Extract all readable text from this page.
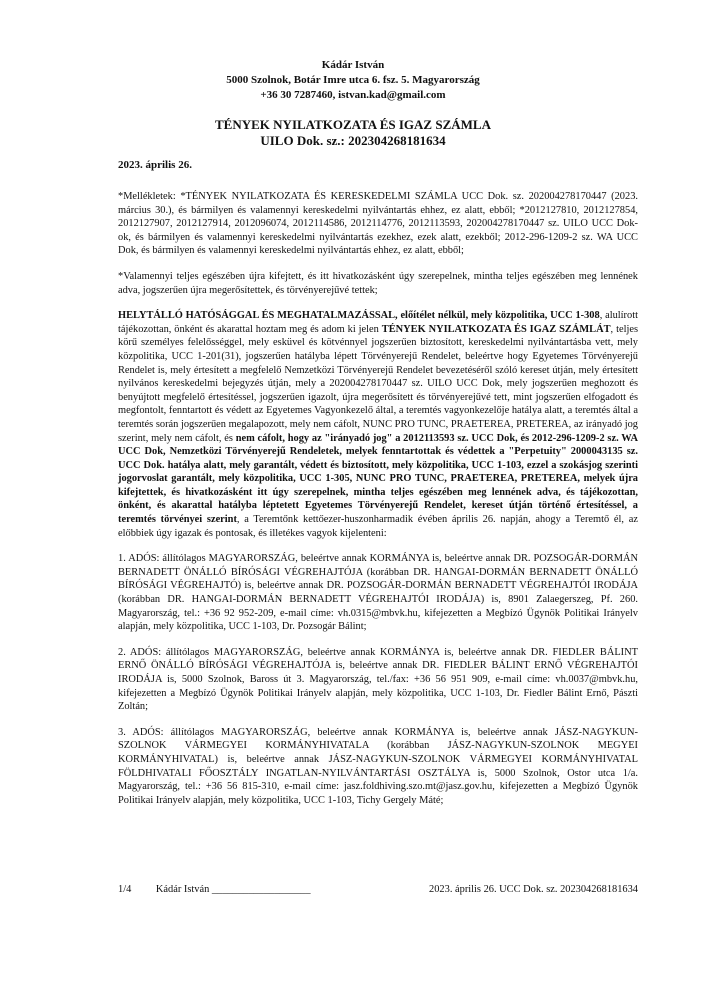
Kádár István
5000 Szolnok, Botár Imre utca 6. fsz. 5. Magyarország
+36 30 7287460, istvan.kad@gmail.com
TÉNYEK NYILATKOZATA ÉS IGAZ SZÁMLA
UILO Dok. sz.: 202304268181634
2023. április 26.

*Mellékletek: *TÉNYEK NYILATKOZATA ÉS KERESKEDELMI SZÁMLA UCC Dok. sz. 202004278170447 (2023. március 30.), és bármilyen és valamennyi kereskedelmi nyilvántartás ehhez, ez alatt, ebből; *2012127810, 2012127854, 2012127907, 2012127914, 2012096074, 2012114586, 2012114776, 2012113593, 202004278170447 sz. UILO UCC Dok-ok, és bármilyen és valamennyi kereskedelmi nyilvántartás ezekhez, ezek alatt, ezekből; 2012-296-1209-2 sz. WA UCC Dok, és bármilyen és valamennyi kereskedelmi nyilvántartás ehhez, ez alatt, ebből;

*Valamennyi teljes egészében újra kifejtett, és itt hivatkozásként úgy szerepelnek, mintha teljes egészében meg lennének adva, jogszerűen újra megerősítettek, és törvényerejűvé tettek;

HELYTÁLLÓ HATÓSÁGGAL ÉS MEGHATALMAZÁSSAL, előítélet nélkül, mely közpolitika, UCC 1-308, alulírott tájékozottan, önként és akarattal hoztam meg és adom ki jelen TÉNYEK NYILATKOZATA ÉS IGAZ SZÁMLÁT, teljes körű személyes felelősséggel, mely esküvel és kötvénnyel jogszerűen biztosított, kereskedelmi nyilvántartásba vett, mely közpolitika, UCC 1-201(31), jogszerűen hatályba lépett Törvényerejű Rendelet, beleértve hogy Egyetemes Törvényerejű Rendelet is, mely értesített a megfelelő Nemzetközi Törvényerejű Rendelet bevezetéséről szóló kereset útján, mely értesített nyilvános kereskedelmi bejegyzés útján, mely a 202004278170447 sz. UILO UCC Dok, mely jogszerűen meghozott és benyújtott megfelelő értesítéssel, jogszerűen igazolt, újra megerősített és törvényerejűvé tett, mint jogszerűen elfogadott és megfontolt, fenntartott és védett az Egyetemes Vagyonkezelő által, a teremtés vagyonkezelője hatálya alatt, a teremtés által a teremtés során jogszerűen megalapozott, mely nem cáfolt, NUNC PRO TUNC, PRAETEREA, PRETEREA, az irányadó jog szerint, mely nem cáfolt, és nem cáfolt, hogy az "irányadó jog" a 2012113593 sz. UCC Dok, és 2012-296-1209-2 sz. WA UCC Dok, Nemzetközi Törvényerejű Rendeletek, melyek fenntartottak és védettek a "Perpetuity" 2000043135 sz. UCC Dok. hatálya alatt, mely garantált, védett és biztosított, mely közpolitika, UCC 1-103, ezzel a szokásjog szerinti jogorvoslat garantált, mely közpolitika, UCC 1-305, NUNC PRO TUNC, PRAETEREA, PRETEREA, melyek újra kifejtettek, és hivatkozásként itt úgy szerepelnek, mintha teljes egészében meg lennének adva, és tájékozottan, önként, és akarattal hatályba léptetett Egyetemes Törvényerejű Rendelet, kereset útján történő értesítéssel, a teremtés törvényei szerint, a Teremtőnk kettőezer-huszonharmadik évében április 26. napján, ahogy a Teremtő él, az előbbiek úgy igazak és pontosak, és illetékes vagyok kijelenteni:

1. ADÓS: állítólagos MAGYARORSZÁG, beleértve annak KORMÁNYA is, beleértve annak DR. POZSOGÁR-DORMÁN BERNADETT ÖNÁLLÓ BÍRÓSÁGI VÉGREHAJTÓJA (korábban DR. HANGAI-DORMÁN BERNADETT ÖNÁLLÓ BÍRÓSÁGI VÉGREHAJTÓ) is, beleértve annak DR. POZSOGÁR-DORMÁN BERNADETT VÉGREHAJTÓI IRODÁJA (korábban DR. HANGAI-DORMÁN BERNADETT VÉGREHAJTÓI IRODÁJA) is, 8901 Zalaegerszeg, Pf. 260. Magyarország, tel.: +36 92 952-209, e-mail címe: vh.0315@mbvk.hu, kifejezetten a Megbízó Ügynök Politikai Irányelv alapján, mely közpolitika, UCC 1-103, Dr. Pozsogár Bálint;

2. ADÓS: állítólagos MAGYARORSZÁG, beleértve annak KORMÁNYA is, beleértve annak DR. FIEDLER BÁLINT ERNŐ ÖNÁLLÓ BÍRÓSÁGI VÉGREHAJTÓJA is, beleértve annak DR. FIEDLER BÁLINT ERNŐ VÉGREHAJTÓI IRODÁJA is, 5000 Szolnok, Baross út 3. Magyarország, tel./fax: +36 56 951 909, e-mail címe: vh.0037@mbvk.hu, kifejezetten a Megbízó Ügynök Politikai Irányelv alapján, mely közpolitika, UCC 1-103, Dr. Fiedler Bálint Ernő, Pászti Zoltán;

3. ADÓS: állítólagos MAGYARORSZÁG, beleértve annak KORMÁNYA is, beleértve annak JÁSZ-NAGYKUN-SZOLNOK VÁRMEGYEI KORMÁNYHIVATALA (korábban JÁSZ-NAGYKUN-SZOLNOK MEGYEI KORMÁNYHIVATAL) is, beleértve annak JÁSZ-NAGYKUN-SZOLNOK VÁRMEGYEI KORMÁNYHIVATAL FÖLDHIVATALI FŐOSZTÁLY INGATLAN-NYILVÁNTARTÁSI OSZTÁLYA is, 5000 Szolnok, Ostor utca 1/a. Magyarország, tel.: +36 56 815-310, e-mail címe: jasz.foldhiving.szo.mt@jasz.gov.hu, kifejezetten a Megbízó Ügynök Politikai Irányelv alapján, mely közpolitika, UCC 1-103, Tichy Gergely Máté;

1/4 Kádár István ___________________	2023. április 26. UCC Dok. sz. 202304268181634
